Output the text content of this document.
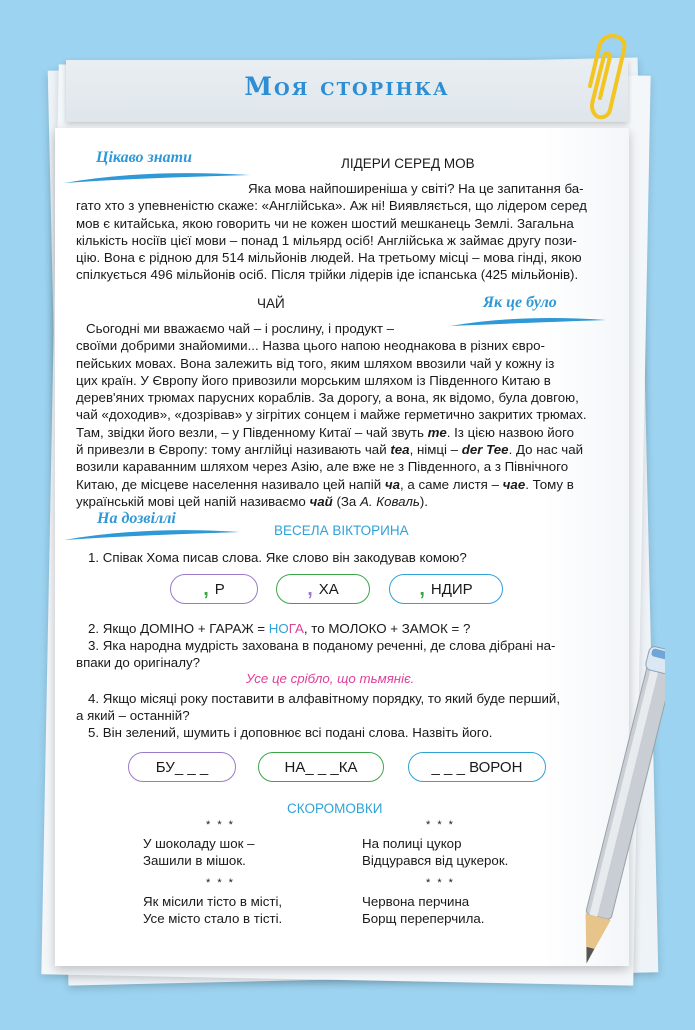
Моя сторінка
Цікаво знати	ЛІДЕРИ СЕРЕД МОВ

Яка мова найпоширеніша у світі? На це запитання ба-

гато хто з упевненістю скаже: «Англійська». Аж ні! Виявляється, що лідером серед

мов є китайська, якою говорить чи не кожен шостий мешканець Землі. Загальна

кількість носіїв цієї мови – понад 1 мільярд осіб! Англійська ж займає другу пози-

цію. Вона є рідною для 514 мільйонів людей. На третьому місці – мова гінді, якою

спілкується 496 мільйонів осіб. Після трійки лідерів іде іспанська (425 мільйонів).

ЧАЙ	Як це було

Сьогодні ми вважаємо чай – і рослину, і продукт –

своїми добрими знайомими... Назва цього напою неоднакова в різних євро-

пейських мовах. Вона залежить від того, яким шляхом ввозили чай у кожну із

цих країн. У Європу його привозили морським шляхом із Південного Китаю в

дерев'яних трюмах парусних кораблів. За дорогу, а вона, як відомо, була довгою,

чай «доходив», «дозрівав» у зігрітих сонцем і майже герметично закритих трюмах.

Там, звідки його везли, – у Південному Китаї – чай звуть те. Із цією назвою його

й привезли в Європу: тому англійці називають чай tea, німці – der Tee. До нас чай

возили караванним шляхом через Азію, але вже не з Південного, а з Північного

Китаю, де місцеве населення називало цей напій ча, а саме листя – чае. Тому в

українській мові цей напій називаємо чай (За А. Коваль).

На дозвіллі
ВЕСЕЛА ВІКТОРИНА
1. Співак Хома писав слова. Яке слово він закодував комою?
, Р	, ХА	, НДИР
2. Якщо ДОМІНО + ГАРАЖ = НОГА, то МОЛОКО + ЗАМОК = ?
3. Яка народна мудрість захована в поданому реченні, де слова дібрані на-
впаки до оригіналу?
Усе це срібло, що тьмяніє.
4. Якщо місяці року поставити в алфавітному порядку, то який буде перший,
а який – останній?
5. Він зелений, шумить і доповнює всі подані слова. Назвіть його.
БУ_ _ _	НА_ _ _КА	_ _ _ ВОРОН
СКОРОМОВКИ
* * *	* * *
У шоколаду шок –
Зашили в мішок.
На полиці цукор
Відцурався від цукерок.
* * *	* * *
Як місили тісто в місті,
Усе місто стало в тісті.
Червона перчина
Борщ переперчила.
